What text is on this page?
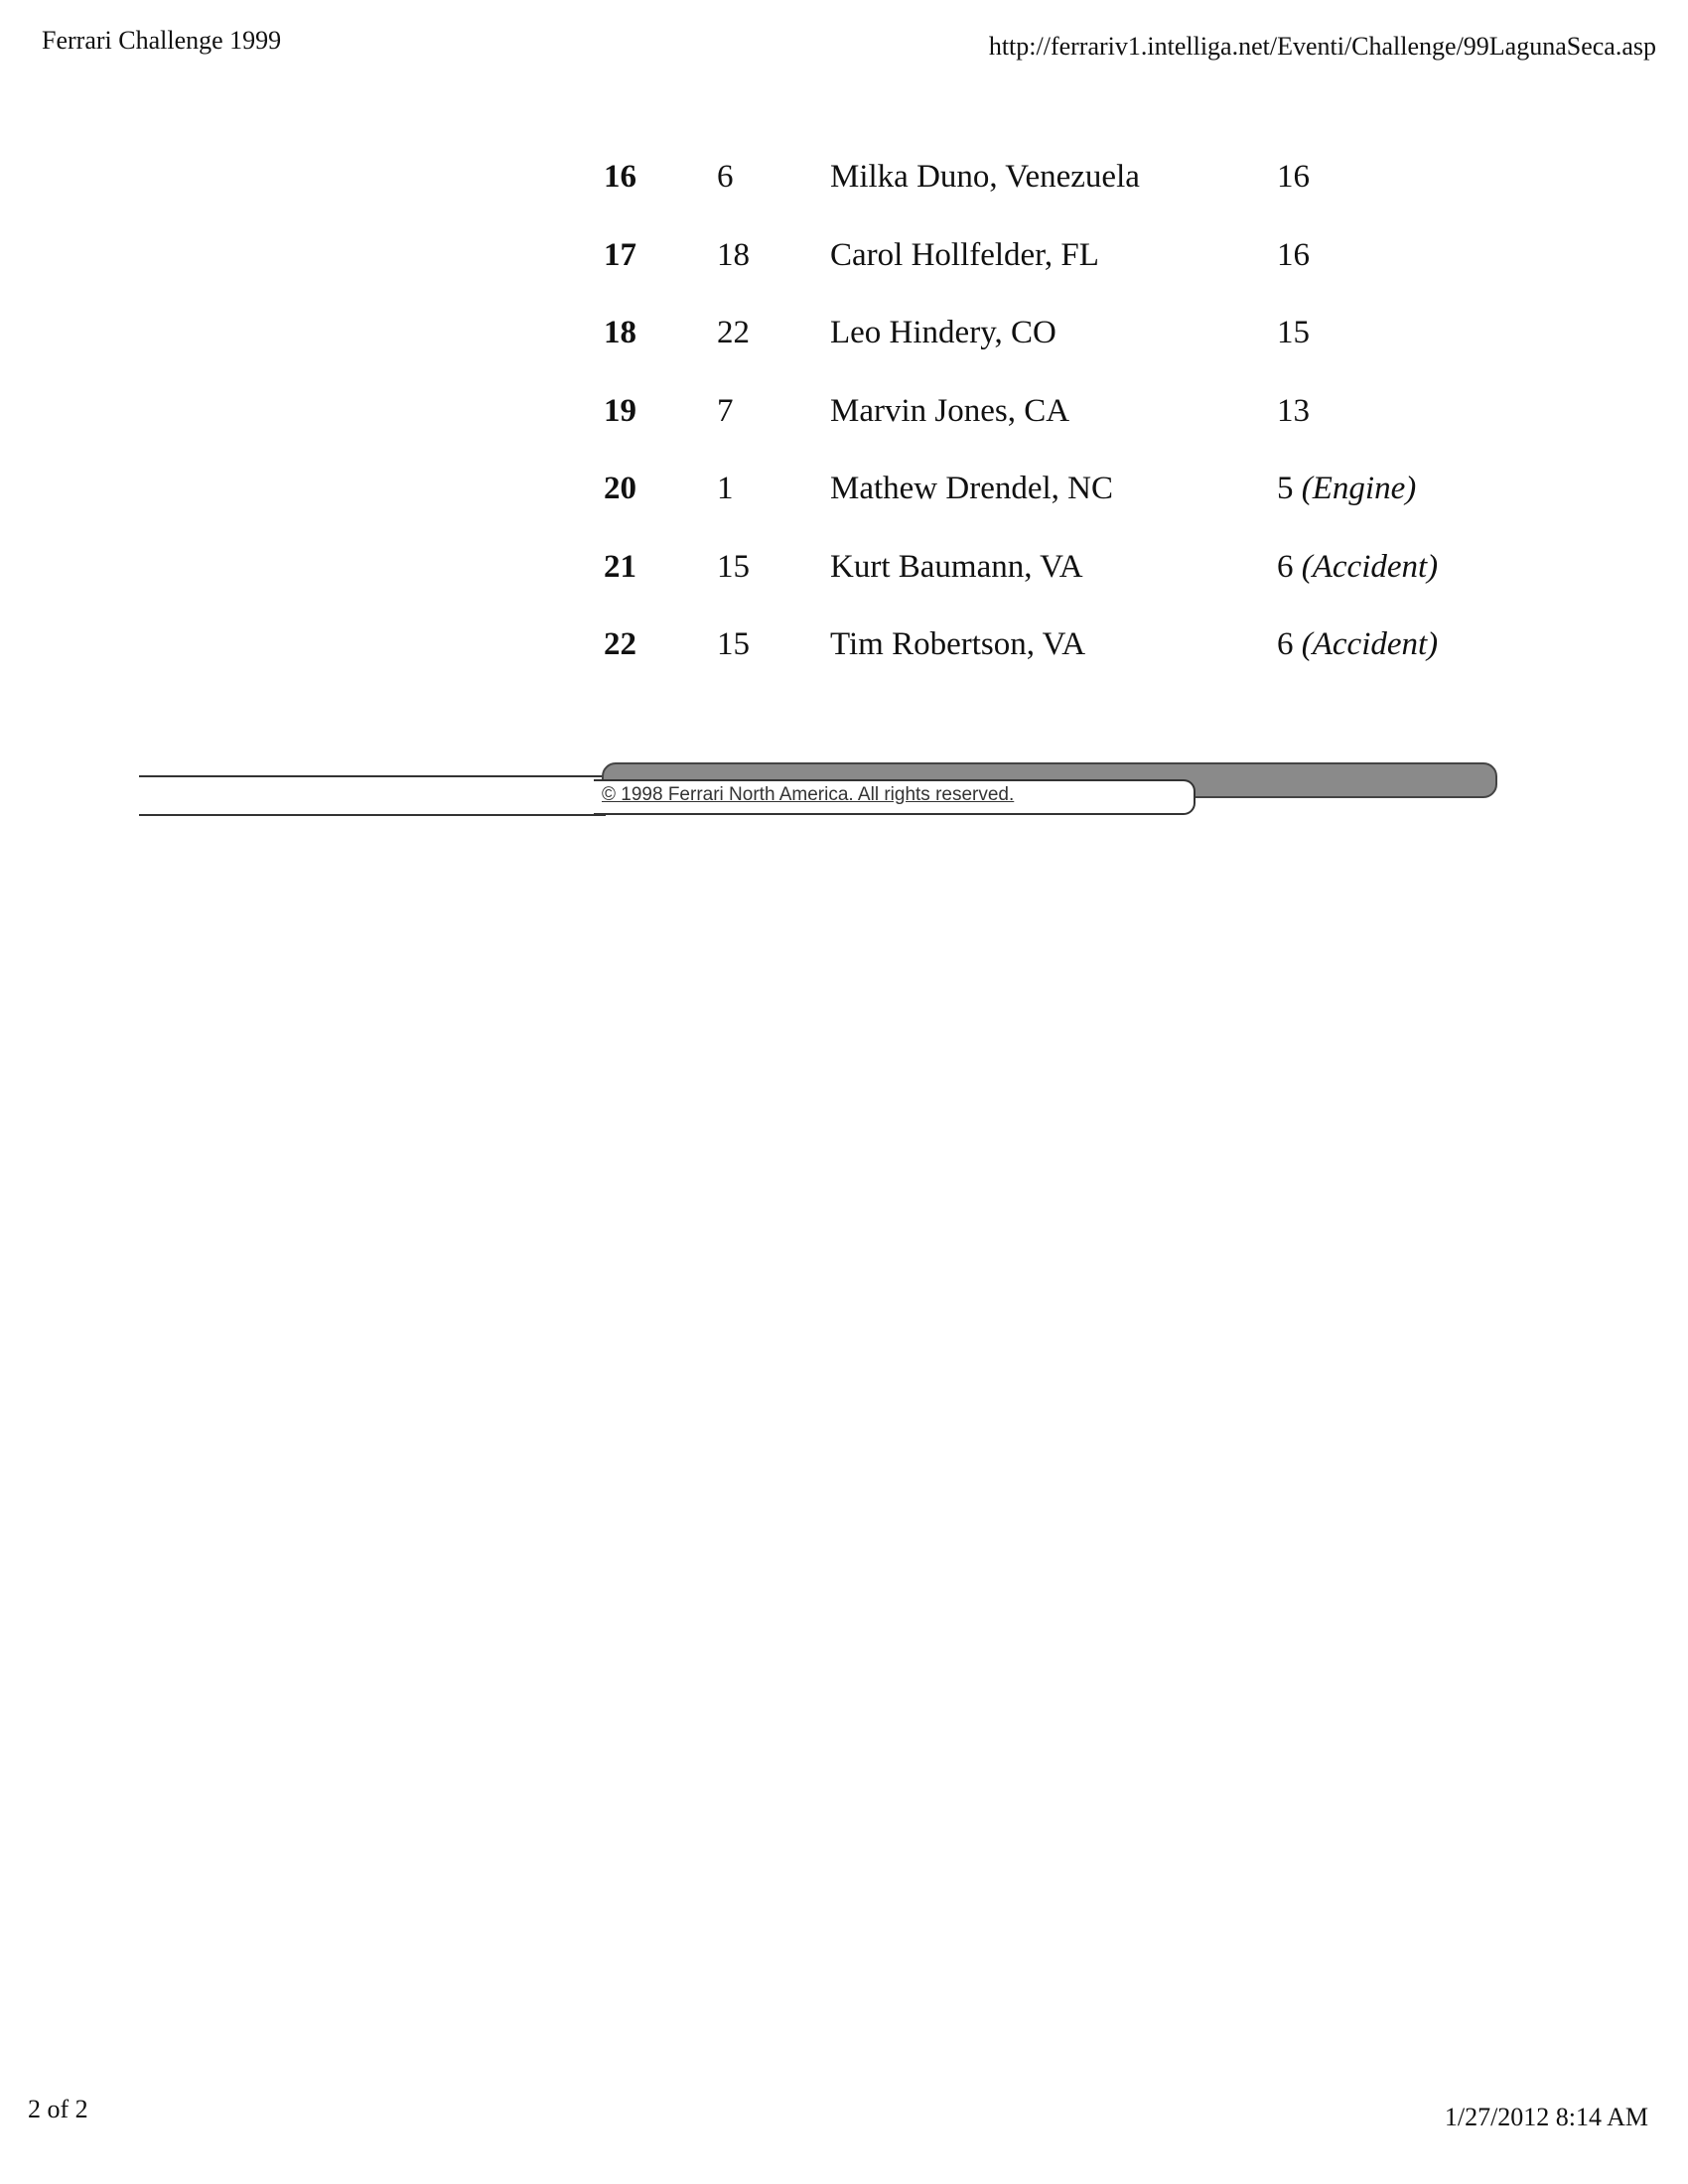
Ferrari Challenge 1999	http://ferrariv1.intelliga.net/Eventi/Challenge/99LagunaSeca.asp
16 6	Milka Duno, Venezuela	16
17 18 Carol Hollfelder, FL	16
18 22 Leo Hindery, CO	15
19 7	Marvin Jones, CA	13
20 1	Mathew Drendel, NC	5 (Engine)
21 15 Kurt Baumann, VA	6 (Accident)
22 15 Tim Robertson, VA	6 (Accident)
© 1998 Ferrari North America. All rights reserved.
2 of 2	1/27/2012 8:14 AM
